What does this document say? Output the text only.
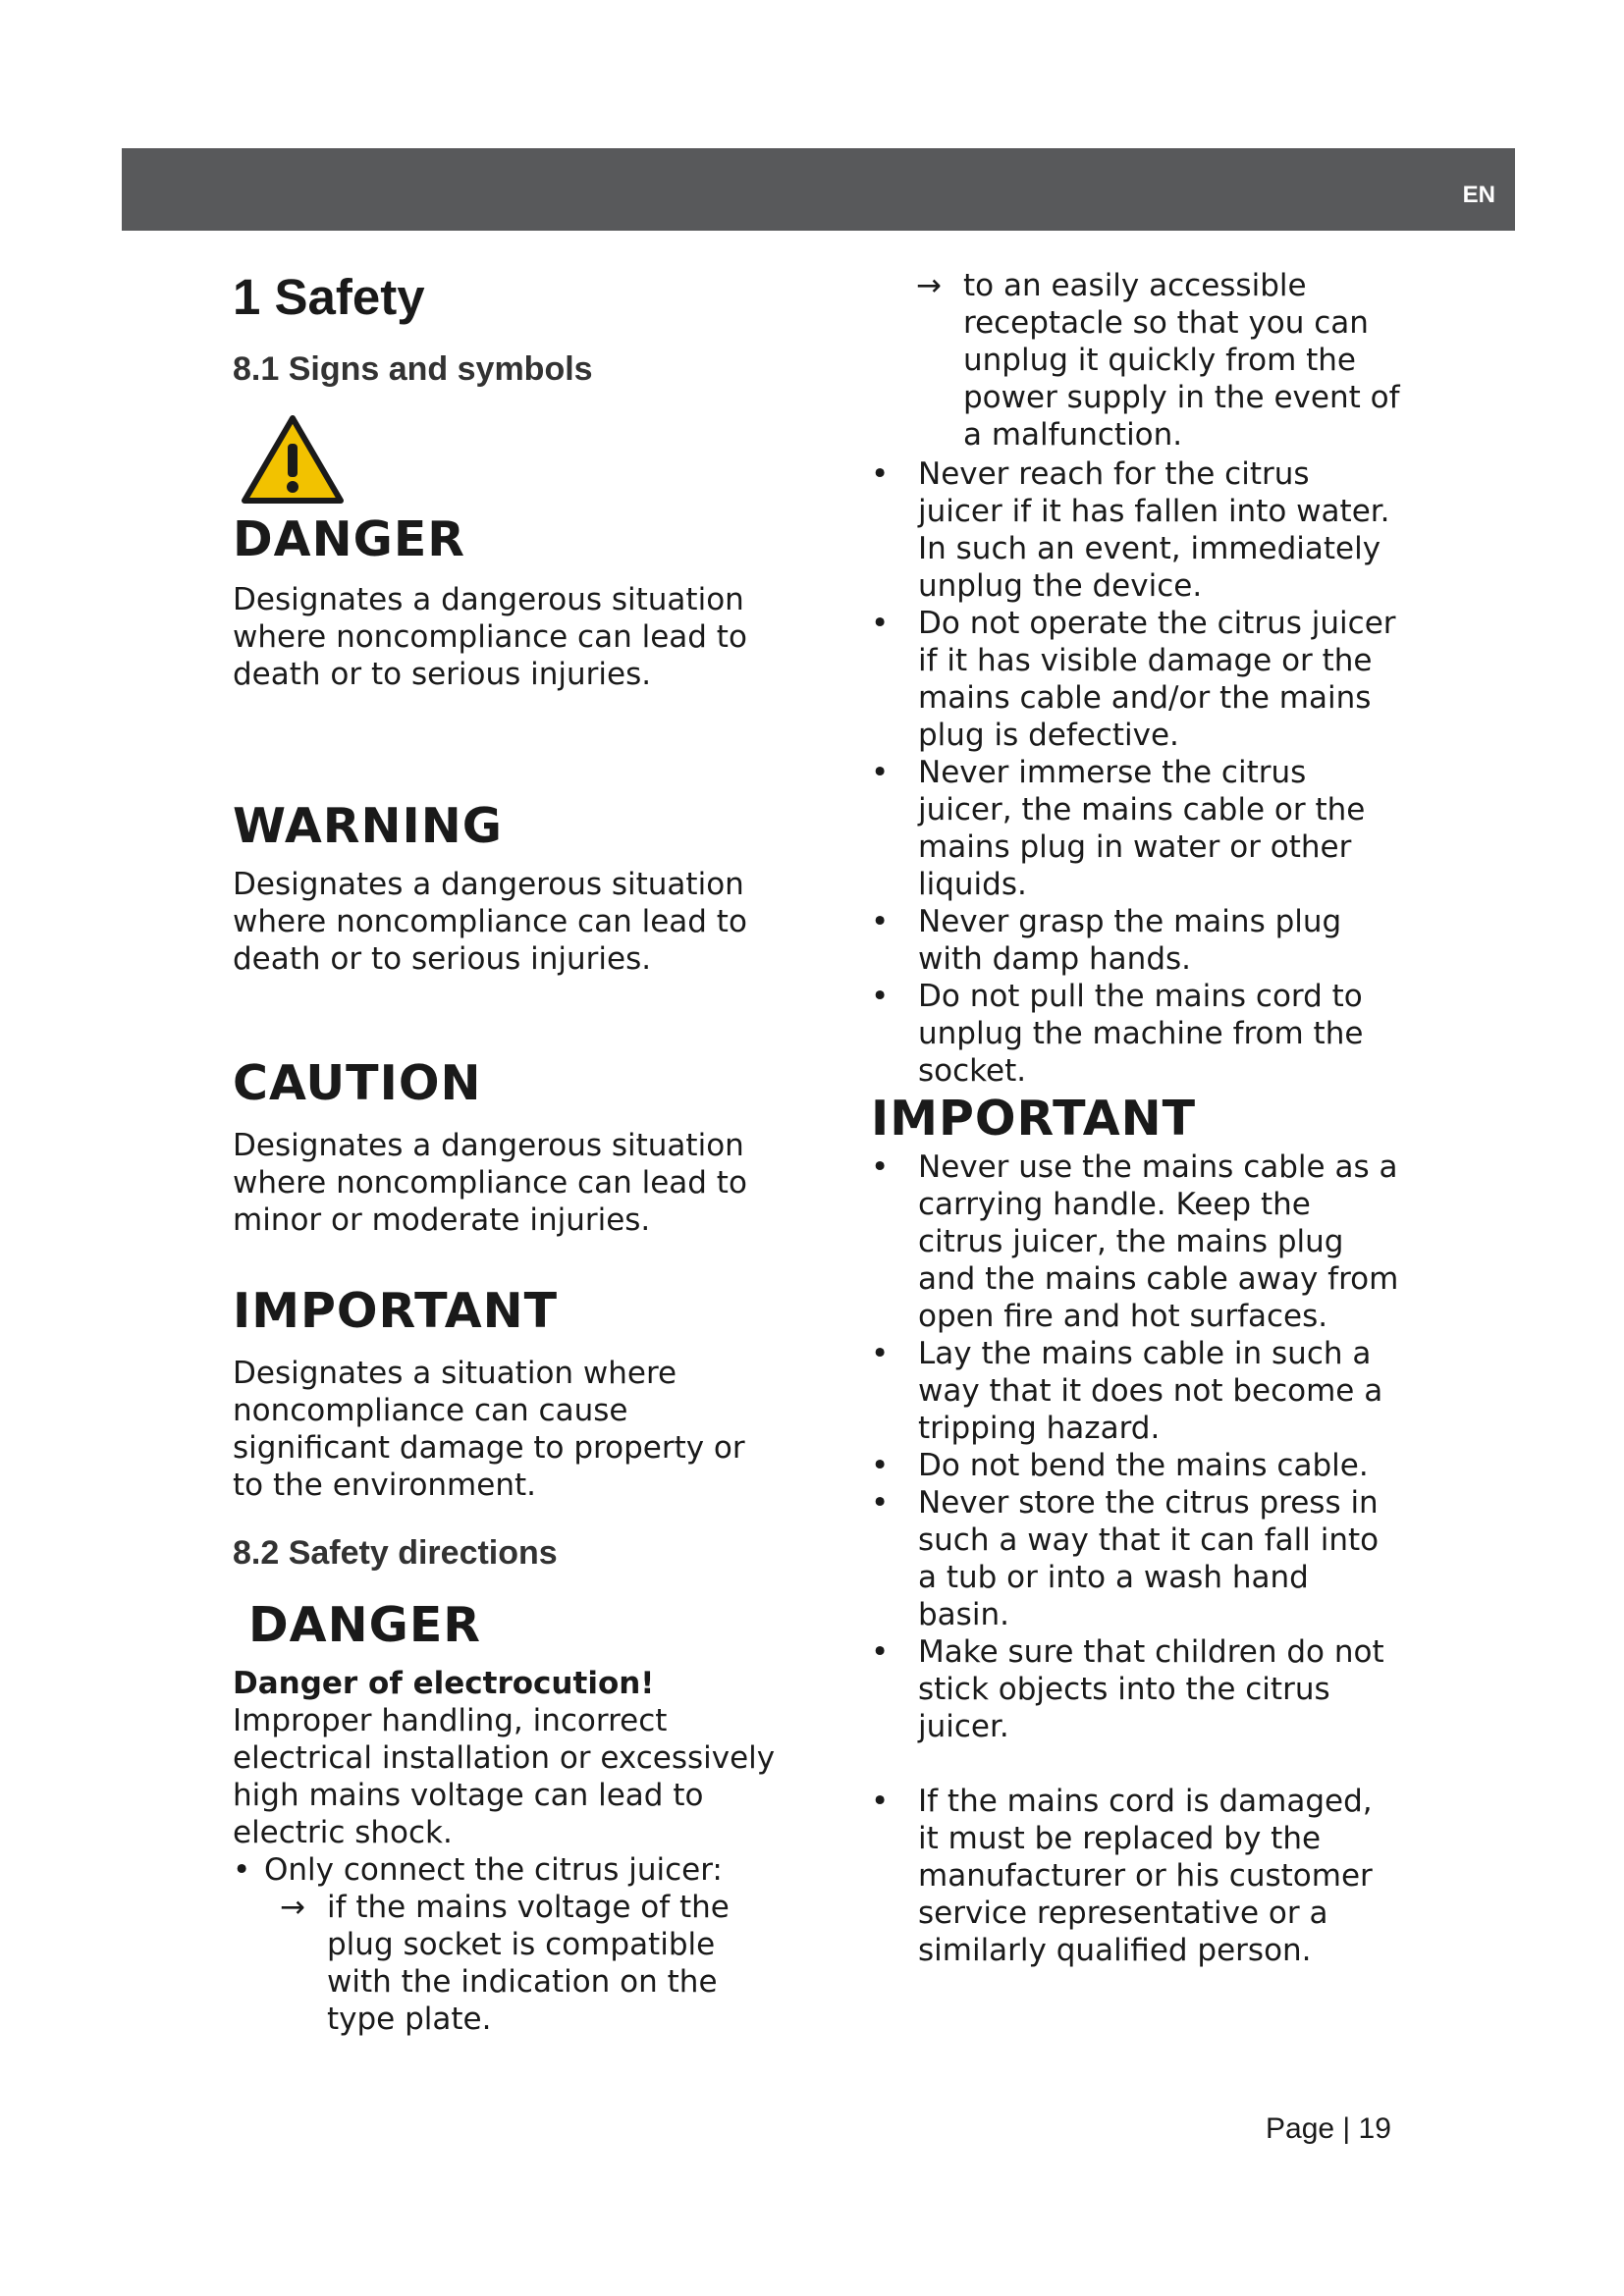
EN
1 Safety
8.1 Signs and symbols
DANGER

Designates a dangerous situation where noncompliance can lead to death or to serious injuries.

WARNING

Designates a dangerous situation where noncompliance can lead to death or to serious injuries.

CAUTION

Designates a dangerous situation where noncompliance can lead to minor or moderate injuries.

IMPORTANT

Designates a situation where noncompliance can cause significant damage to property or to the environment.

8.2 Safety directions
DANGER

Danger of electrocution!

Improper handling, incorrect electrical installation or excessively high mains voltage can lead to electric shock.

• Only connect the citrus juicer:
→ if the mains voltage of the plug socket is compatible with the indication on the type plate.
→ to an easily accessible receptacle so that you can unplug it quickly from the power supply in the event of a malfunction.
• Never reach for the citrus juicer if it has fallen into water. In such an event, immediately unplug the device.
• Do not operate the citrus juicer if it has visible damage or the mains cable and/or the mains plug is defective.
• Never immerse the citrus juicer, the mains cable or the mains plug in water or other liquids.
• Never grasp the mains plug with damp hands.
• Do not pull the mains cord to unplug the machine from the socket.
IMPORTANT
• Never use the mains cable as a carrying handle. Keep the citrus juicer, the mains plug and the mains cable away from open fire and hot surfaces.
• Lay the mains cable in such a way that it does not become a tripping hazard.
• Do not bend the mains cable.
• Never store the citrus press in such a way that it can fall into a tub or into a wash hand basin.
• Make sure that children do not stick objects into the citrus juicer.
• If the mains cord is damaged, it must be replaced by the manufacturer or his customer service representative or a similarly qualified person.
Page | 19
